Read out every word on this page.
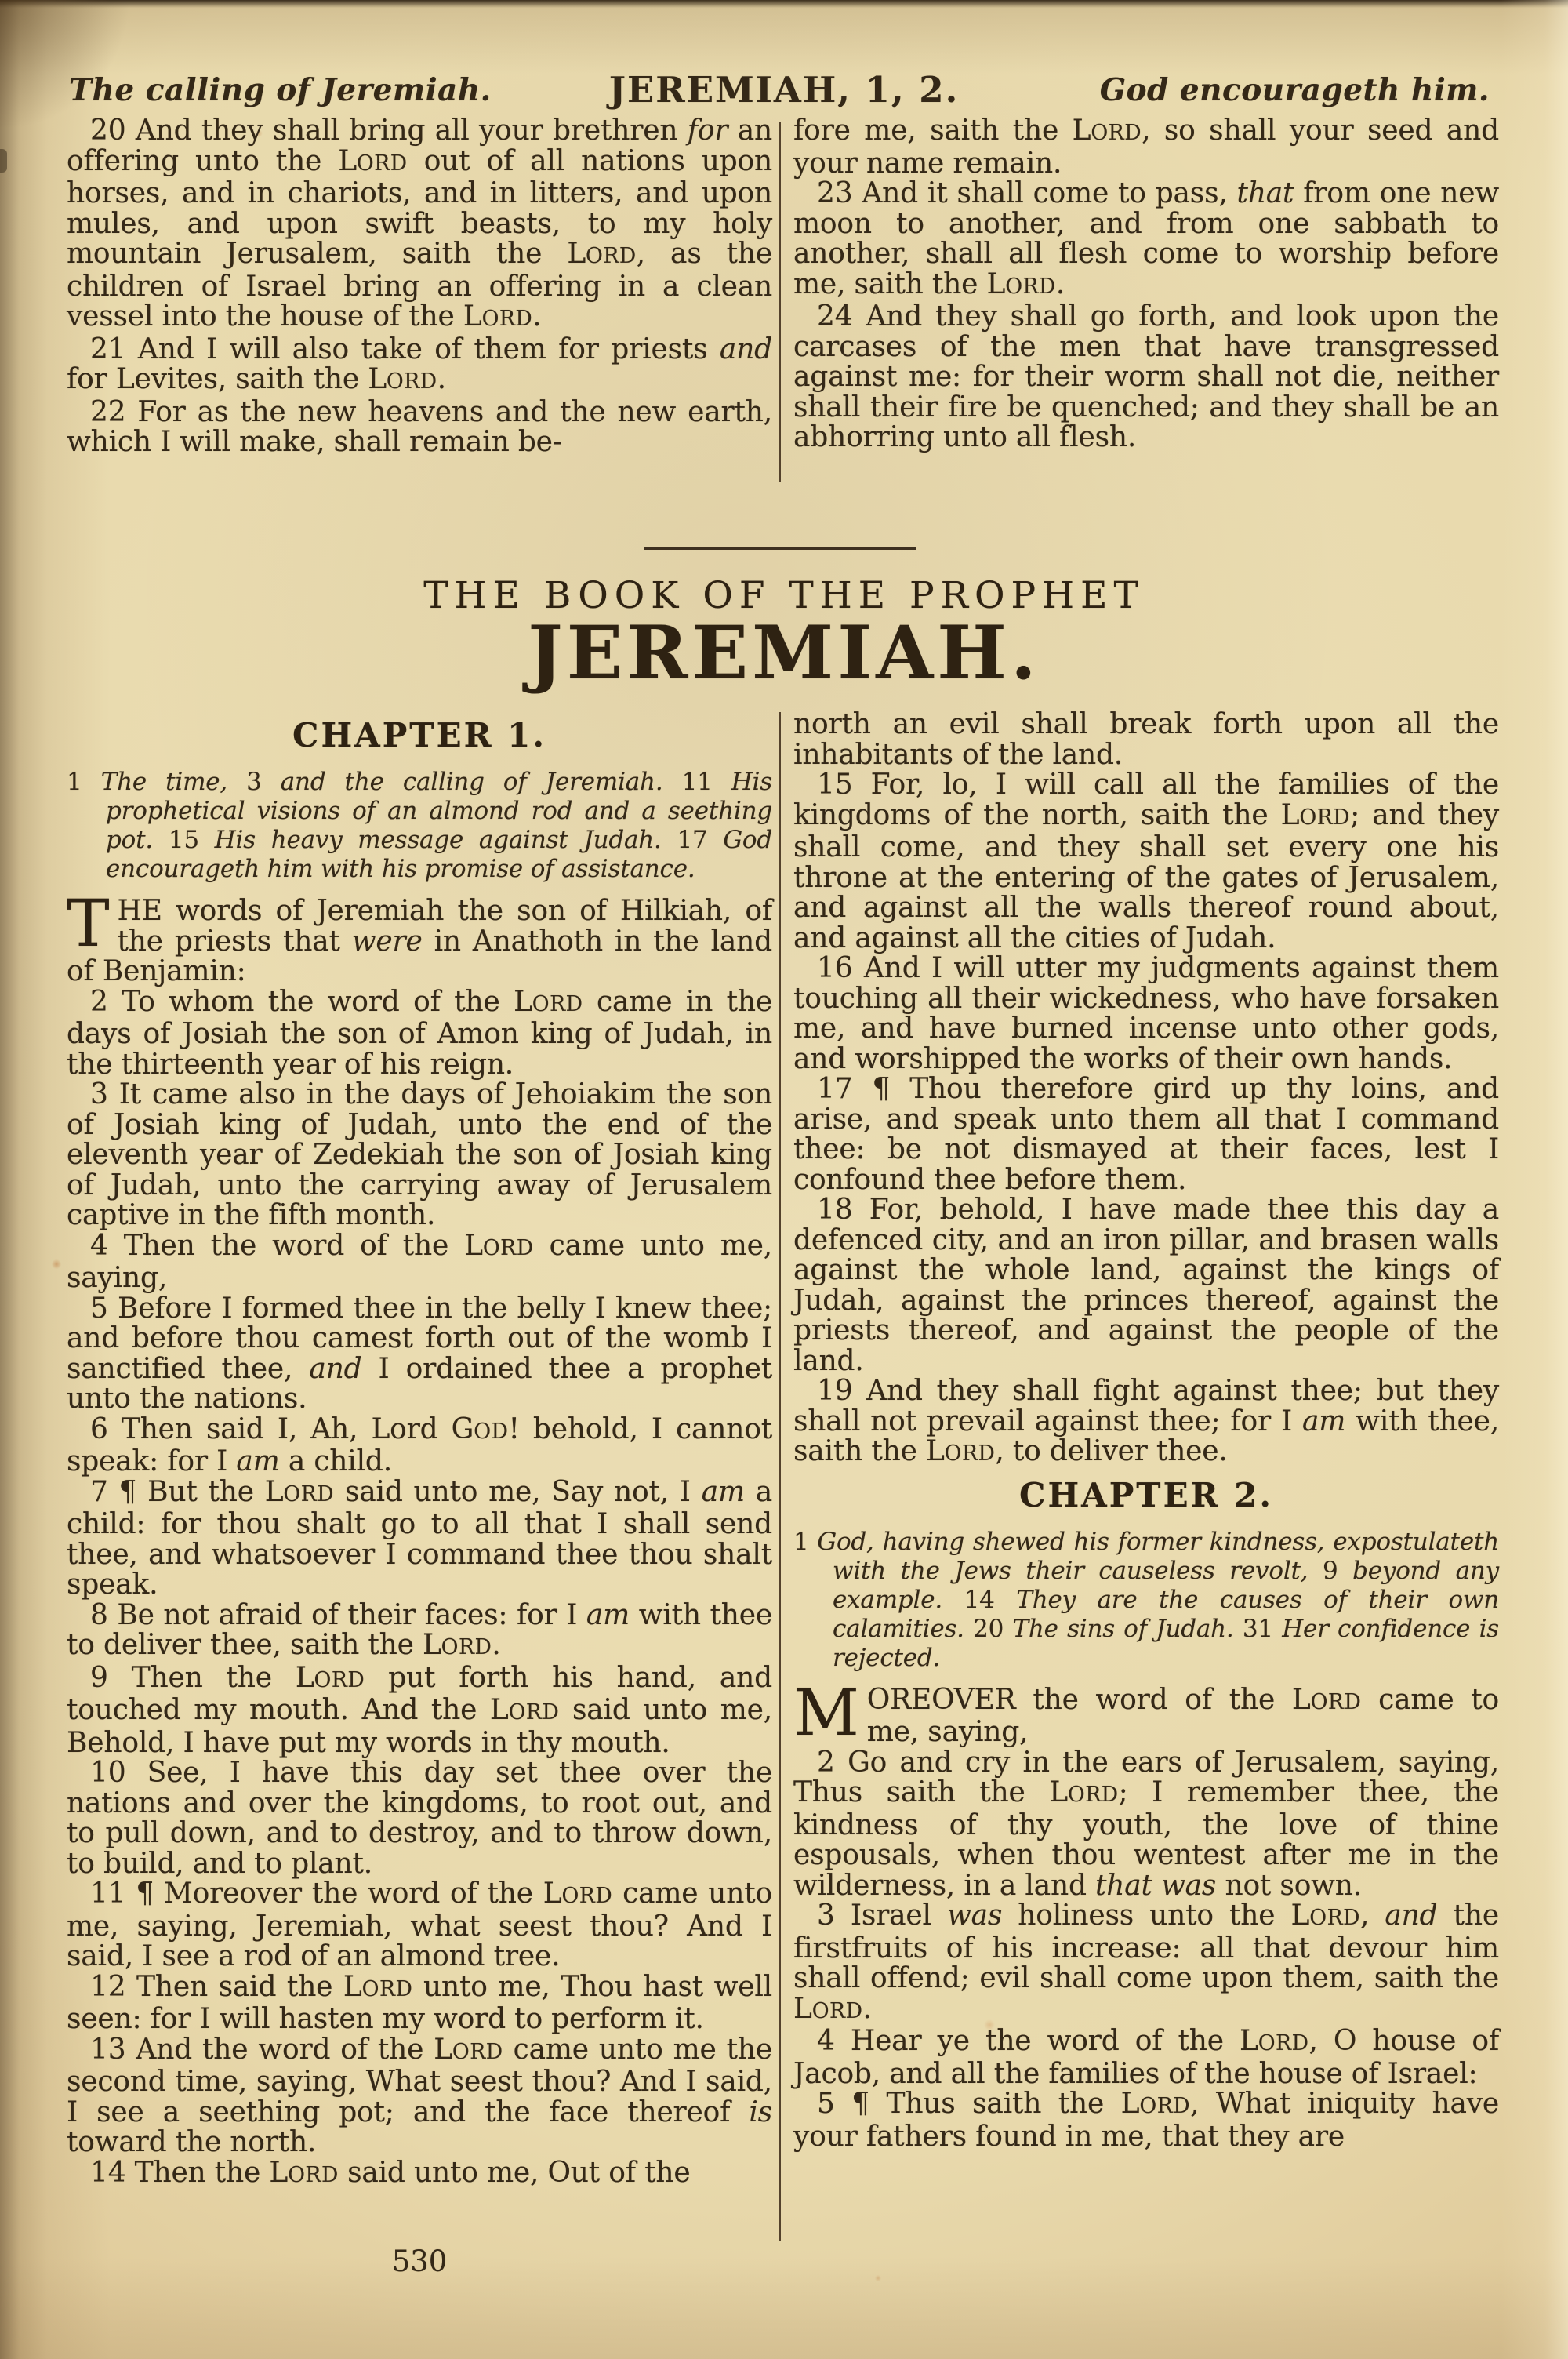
JEREMIAH, 1, 2.
The calling of Jeremiah.	God encourageth him.

20 And they shall bring all your brethren for an offering unto the LORD out of all nations upon horses, and in chariots, and in litters, and upon mules, and upon swift beasts, to my holy mountain Jerusalem, saith the LORD, as the children of Israel bring an offering in a clean vessel into the house of the LORD.

21 And I will also take of them for priests and for Levites, saith the LORD.

22 For as the new heavens and the new earth, which I will make, shall remain be-

fore me, saith the LORD, so shall your seed and your name remain.

23 And it shall come to pass, that from one new moon to another, and from one sabbath to another, shall all flesh come to worship before me, saith the LORD.

24 And they shall go forth, and look upon the carcases of the men that have transgressed against me: for their worm shall not die, neither shall their fire be quenched; and they shall be an abhorring unto all flesh.

THE BOOK OF THE PROPHET
JEREMIAH.

CHAPTER 1.

1 The time, 3 and the calling of Jeremiah. 11 His prophetical visions of an almond rod and a seething pot. 15 His heavy message against Judah. 17 God encourageth him with his promise of assistance.

THE words of Jeremiah the son of Hilkiah, of the priests that were in Anathoth in the land of Benjamin:

2 To whom the word of the LORD came in the days of Josiah the son of Amon king of Judah, in the thirteenth year of his reign.

3 It came also in the days of Jehoiakim the son of Josiah king of Judah, unto the end of the eleventh year of Zedekiah the son of Josiah king of Judah, unto the carrying away of Jerusalem captive in the fifth month.

4 Then the word of the LORD came unto me, saying,

5 Before I formed thee in the belly I knew thee; and before thou camest forth out of the womb I sanctified thee, and I ordained thee a prophet unto the nations.

6 Then said I, Ah, Lord GOD! behold, I cannot speak: for I am a child.

7 ¶ But the LORD said unto me, Say not, I am a child: for thou shalt go to all that I shall send thee, and whatsoever I command thee thou shalt speak.

8 Be not afraid of their faces: for I am with thee to deliver thee, saith the LORD.

9 Then the LORD put forth his hand, and touched my mouth. And the LORD said unto me, Behold, I have put my words in thy mouth.

10 See, I have this day set thee over the nations and over the kingdoms, to root out, and to pull down, and to destroy, and to throw down, to build, and to plant.

11 ¶ Moreover the word of the LORD came unto me, saying, Jeremiah, what seest thou? And I said, I see a rod of an almond tree.

12 Then said the LORD unto me, Thou hast well seen: for I will hasten my word to perform it.

13 And the word of the LORD came unto me the second time, saying, What seest thou? And I said, I see a seething pot; and the face thereof is toward the north.

14 Then the LORD said unto me, Out of the

north an evil shall break forth upon all the inhabitants of the land.

15 For, lo, I will call all the families of the kingdoms of the north, saith the LORD; and they shall come, and they shall set every one his throne at the entering of the gates of Jerusalem, and against all the walls thereof round about, and against all the cities of Judah.

16 And I will utter my judgments against them touching all their wickedness, who have forsaken me, and have burned incense unto other gods, and worshipped the works of their own hands.

17 ¶ Thou therefore gird up thy loins, and arise, and speak unto them all that I command thee: be not dismayed at their faces, lest I confound thee before them.

18 For, behold, I have made thee this day a defenced city, and an iron pillar, and brasen walls against the whole land, against the kings of Judah, against the princes thereof, against the priests thereof, and against the people of the land.

19 And they shall fight against thee; but they shall not prevail against thee; for I am with thee, saith the LORD, to deliver thee.

CHAPTER 2.

1 God, having shewed his former kindness, expostulateth with the Jews their causeless revolt, 9 beyond any example. 14 They are the causes of their own calamities. 20 The sins of Judah. 31 Her confidence is rejected.

MOREOVER the word of the LORD came to me, saying,

2 Go and cry in the ears of Jerusalem, saying, Thus saith the LORD; I remember thee, the kindness of thy youth, the love of thine espousals, when thou wentest after me in the wilderness, in a land that was not sown.

3 Israel was holiness unto the LORD, and the firstfruits of his increase: all that devour him shall offend; evil shall come upon them, saith the LORD.

4 Hear ye the word of the LORD, O house of Jacob, and all the families of the house of Israel:

5 ¶ Thus saith the LORD, What iniquity have your fathers found in me, that they are

530
